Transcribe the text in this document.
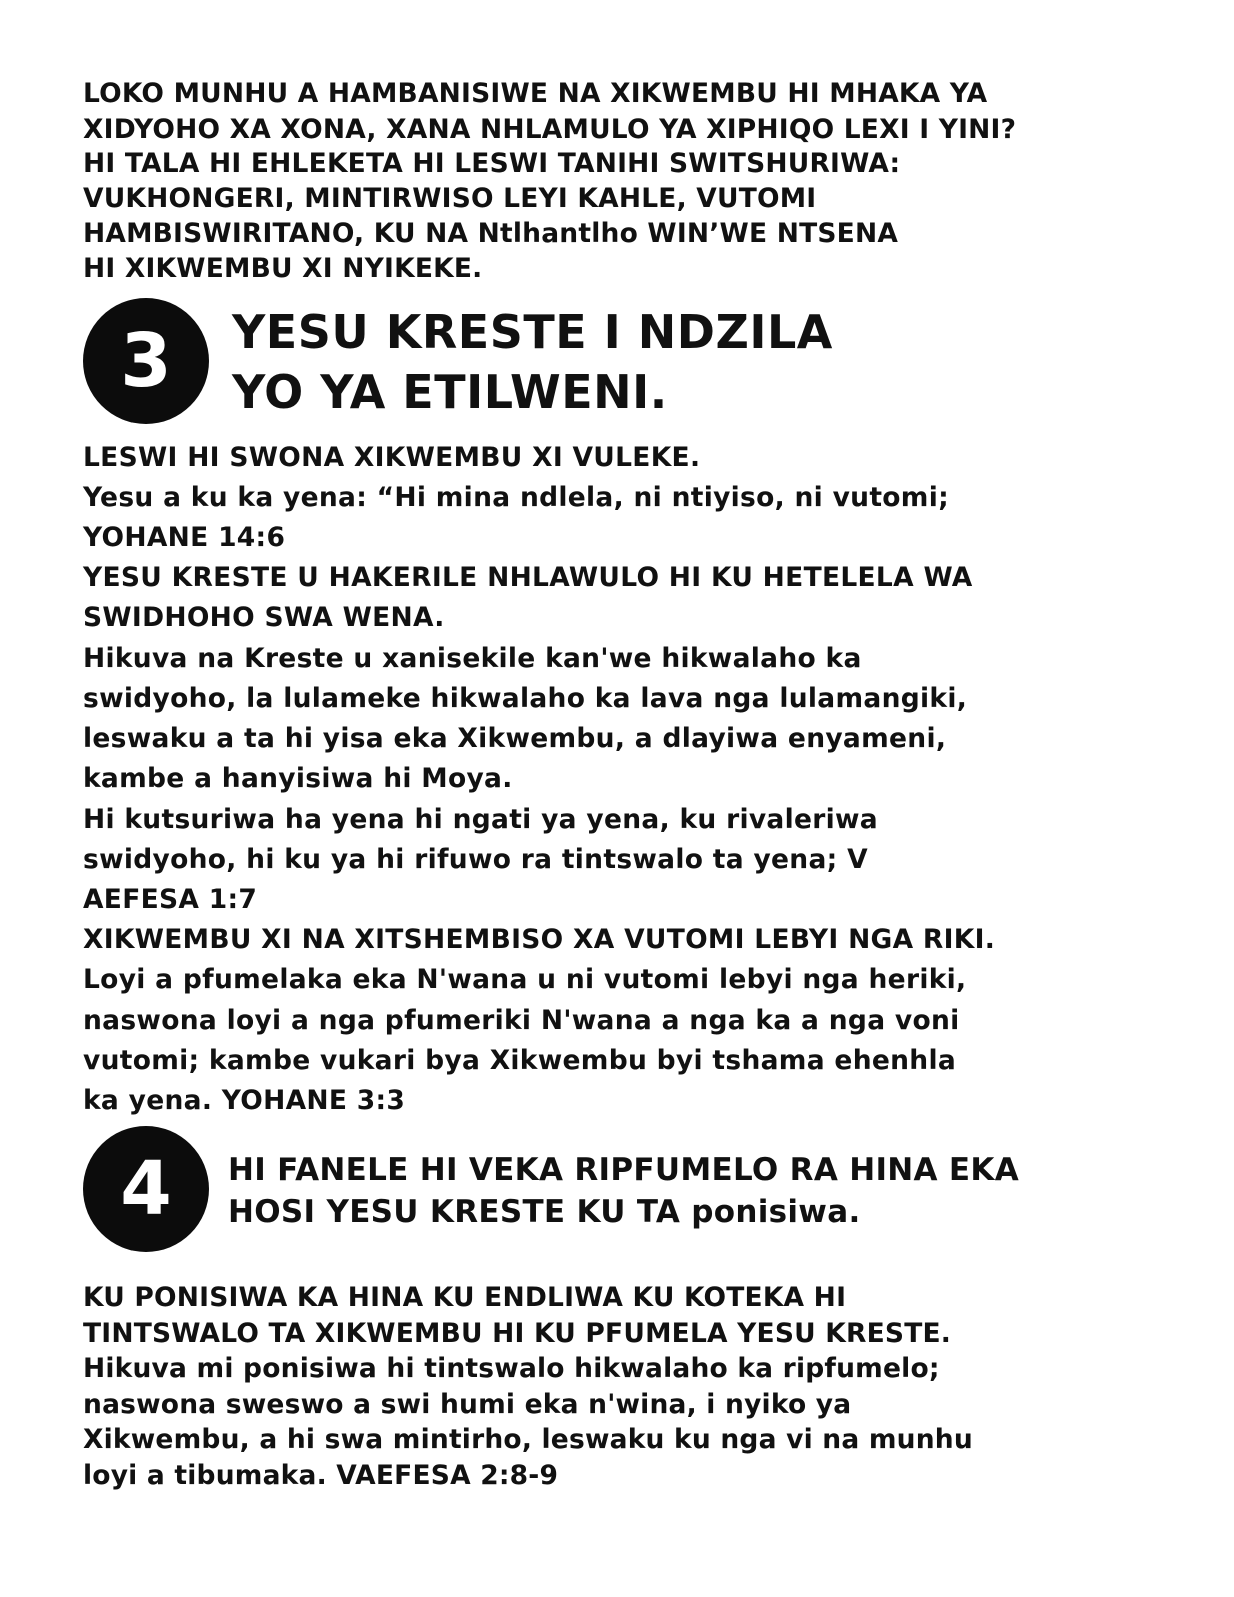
LOKO MUNHU A HAMBANISIWE NA XIKWEMBU HI MHAKA YA
XIDYOHO XA XONA, XANA NHLAMULO YA XIPHIQO LEXI I YINI?
HI TALA HI EHLEKETA HI LESWI TANIHI SWITSHURIWA:
VUKHONGERI, MINTIRWISO LEYI KAHLE, VUTOMI
HAMBISWIRITANO, KU NA Ntlhantlho WIN’WE NTSENA
HI XIKWEMBU XI NYIKEKE.
3	YESU KRESTE I NDZILA
YO YA ETILWENI.
LESWI HI SWONA XIKWEMBU XI VULEKE.
Yesu a ku ka yena: “Hi mina ndlela, ni ntiyiso, ni vutomi;
YOHANE 14:6
YESU KRESTE U HAKERILE NHLAWULO HI KU HETELELA WA
SWIDHOHO SWA WENA.
Hikuva na Kreste u xanisekile kan'we hikwalaho ka
swidyoho, la lulameke hikwalaho ka lava nga lulamangiki,
leswaku a ta hi yisa eka Xikwembu, a dlayiwa enyameni,
kambe a hanyisiwa hi Moya.
Hi kutsuriwa ha yena hi ngati ya yena, ku rivaleriwa
swidyoho, hi ku ya hi rifuwo ra tintswalo ta yena; V
AEFESA 1:7
XIKWEMBU XI NA XITSHEMBISO XA VUTOMI LEBYI NGA RIKI.
Loyi a pfumelaka eka N'wana u ni vutomi lebyi nga heriki,
naswona loyi a nga pfumeriki N'wana a nga ka a nga voni
vutomi; kambe vukari bya Xikwembu byi tshama ehenhla
ka yena. YOHANE 3:3
4	HI FANELE HI VEKA RIPFUMELO RA HINA EKA
HOSI YESU KRESTE KU TA ponisiwa.
KU PONISIWA KA HINA KU ENDLIWA KU KOTEKA HI
TINTSWALO TA XIKWEMBU HI KU PFUMELA YESU KRESTE.
Hikuva mi ponisiwa hi tintswalo hikwalaho ka ripfumelo;
naswona sweswo a swi humi eka n'wina, i nyiko ya
Xikwembu, a hi swa mintirho, leswaku ku nga vi na munhu
loyi a tibumaka. VAEFESA 2:8-9
